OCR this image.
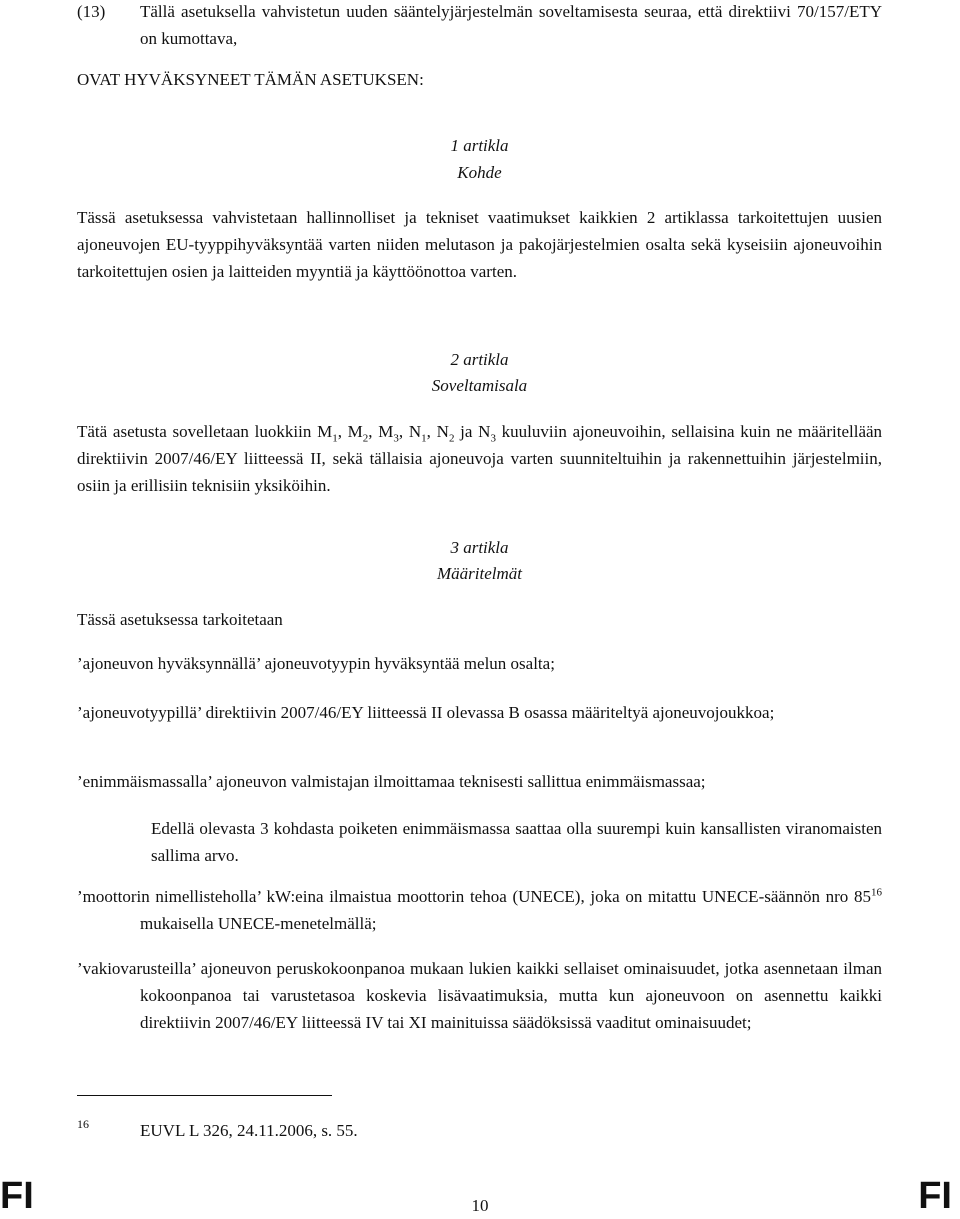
(13) Tällä asetuksella vahvistetun uuden sääntelyjärjestelmän soveltamisesta seuraa, että direktiivi 70/157/ETY on kumottava,
OVAT HYVÄKSYNEET TÄMÄN ASETUKSEN:
1 artikla
Kohde
Tässä asetuksessa vahvistetaan hallinnolliset ja tekniset vaatimukset kaikkien 2 artiklassa tarkoitettujen uusien ajoneuvojen EU-tyyppihyväksyntää varten niiden melutason ja pakojärjestelmien osalta sekä kyseisiin ajoneuvoihin tarkoitettujen osien ja laitteiden myyntiä ja käyttöönottoa varten.
2 artikla
Soveltamisala
Tätä asetusta sovelletaan luokkiin $M_1$, $M_2$, $M_3$, $N_1$, $N_2$ ja $N_3$ kuuluviin ajoneuvoihin, sellaisina kuin ne määritellään direktiivin 2007/46/EY liitteessä II, sekä tällaisia ajoneuvoja varten suunniteltuihin ja rakennettuihin järjestelmiin, osiin ja erillisiin teknisiin yksiköihin.
3 artikla
Määritelmät
Tässä asetuksessa tarkoitetaan
’ajoneuvon hyväksynnällä’ ajoneuvotyypin hyväksyntää melun osalta;
’ajoneuvotyypillä’ direktiivin 2007/46/EY liitteessä II olevassa B osassa määriteltyä ajoneuvojoukkoa;
’enimmäismassalla’ ajoneuvon valmistajan ilmoittamaa teknisesti sallittua enimmäismassaa;
Edellä olevasta 3 kohdasta poiketen enimmäismassa saattaa olla suurempi kuin kansallisten viranomaisten sallima arvo.
’moottorin nimellisteholla’ kW:eina ilmaistua moottorin tehoa (UNECE), joka on mitattu UNECE-säännön nro $85^{16}$ mukaisella UNECE-menetelmällä;
’vakiovarusteilla’ ajoneuvon peruskokoonpanoa mukaan lukien kaikki sellaiset ominaisuudet, jotka asennetaan ilman kokoonpanoa tai varustetasoa koskevia lisävaatimuksia, mutta kun ajoneuvoon on asennettu kaikki direktiivin 2007/46/EY liitteessä IV tai XI mainituissa säädöksissä vaaditut ominaisuudet;
16	EUVL L 326, 24.11.2006, s. 55.
FI	10	FI
